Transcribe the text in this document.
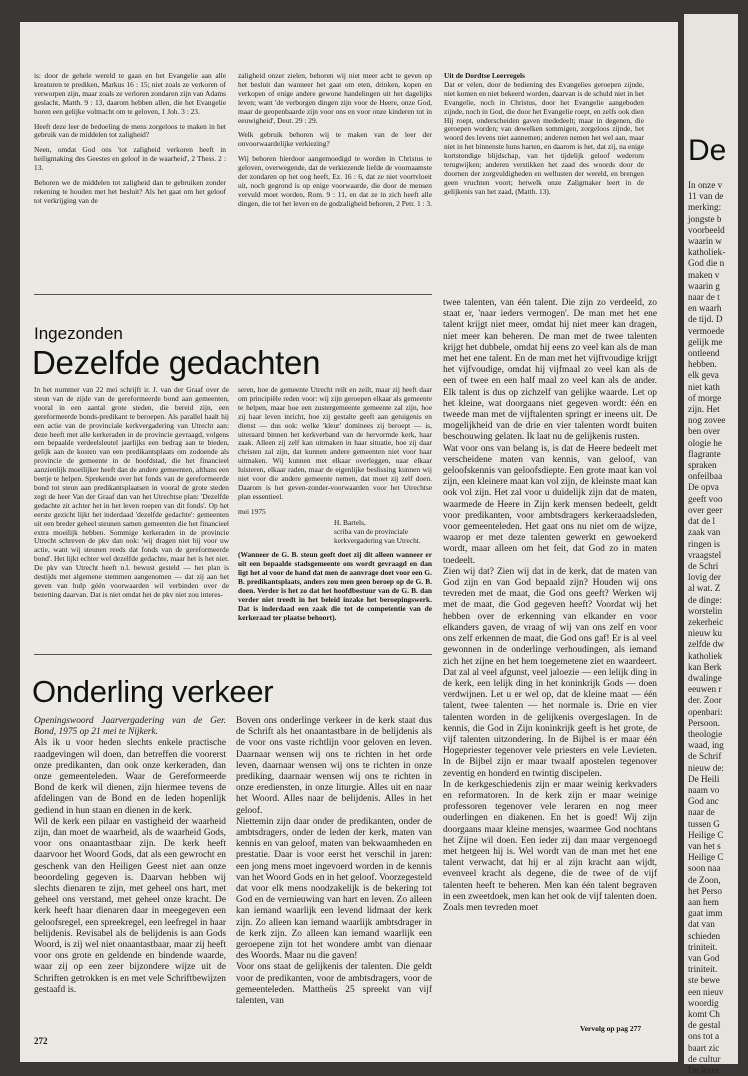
is: door de gehele wereld te gaan en het Evangelie aan alle kreaturen te prediken, Markus 16 : 15; niet zoals ze verkoren of verworpen zijn, maar zoals ze verloren zondaren zijn van Adams geslacht, Matth. 9 : 13, daarom hebben allen, die het Evangelie horen een gelijke volmacht om te geloven, 1 Joh. 3 : 23.

Heeft deze leer de bedoeling de mens zorgeloos te maken in het gebruik van de middelen tot zaligheid?

Neen, omdat God ons 'tot zaligheid verkoren heeft in heiligmaking des Geestes en geloof in de waarheid', 2 Thess. 2 : 13.

Behoren we de middelen tot zaligheid dan te gebruiken zonder rekening te houden met het besluit? Als het gaat om het geloof tot verkrijging van de

zaligheid onzer zielen, behoren wij niet meer acht te geven op het besluit dan wanneer het gaat om eten, drinken, kopen en verkopen of enige andere gewone handelingen uit het dagelijks leven; want 'de verborgen dingen zijn voor de Heere, onze God, maar de geopenbaarde zijn voor ons en voor onze kinderen tot in eeuwigheid', Deut. 29 : 29.

Welk gebruik behoren wij te maken van de leer der onvoorwaardelijke verkiezing?

Wij behoren hierdoor aangemoedigd te worden in Christus te geloven, overwegende, dat de verkiezende liefde de voornaamste der zondaren op het oog heeft, Ez. 16 : 6, dat ze niet voortvloeit uit, noch gegrond is op enige voorwaarde, die door de mensen vervuld moet worden, Rom. 9 : 11, en dat ze in zich heeft alle dingen, die tot het leven en de godzaligheid behoren, 2 Petr. 1 : 3.

Uit de Dordtse Leerregels
Dat er velen, door de bediening des Evangelies geroepen zijnde, niet komen en niet bekeerd worden, daarvan is de schuld niet in het Evangelie, noch in Christus, door het Evangelie aangeboden zijnde, noch in God, die door het Evangelie roept, en zelfs ook dien Hij roept, onderscheiden gaven mededeelt; maar in degenen, die geroepen worden; van dewelken sommigen, zorgeloos zijnde, het woord des levens niet aannemen; anderen nemen het wel aan, maar niet in het binnenste huns harten, en daarom is het, dat zij, na enige kortstondige blijdschap, van het tijdelijk geloof wederom terugwijken; anderen verstikken het zaad des woords door de doornen der zorgvuldigheden en wellusten der wereld, en brengen geen vruchten voort; hetwelk onze Zaligmaker leert in de gelijkenis van het zaad, (Matth. 13).

Ingezonden
Dezelfde gedachten

In het nummer van 22 mei schrijft ir. J. van der Graaf over de steun van de zijde van de gereformeerde bond aan gemeenten, vooral in een aantal grote steden, die bereid zijn, een gereformeerde bonds-predikant te beroepen. Als parallel haalt hij een actie van de provinciale kerkvergadering van Utrecht aan: deze heeft met alle kerkeraden in de provincie gevraagd, volgens een bepaalde verdeelsleutel jaarlijks een bedrag aan te bieden, gelijk aan de kosten van een predikantsplaats om zodoende als provincie de gemeente in de hoofdstad, die het financieel aanzienlijk moeilijker heeft dan de andere gemeenten, althans een beetje te helpen. Sprekende over het fonds van de gereformeerde bond tot steun aan predikantsplaatsen in vooral de grote steden zegt de heer Van der Graaf dan van het Utrechtse plan: 'Dezelfde gedachte zit achter het in het leven roepen van dit fonds'. Op het eerste gezicht lijkt het inderdaad 'dezelfde gedachte': gemeenten uit een breder geheel steunen samen gemeenten die het financieel extra moeilijk hebben. Sommige kerkeraden in de provincie Utrecht schreven de pkv dan ook: 'wij dragen niet bij voor uw actie, want wij steunen reeds dat fonds van de gereformeerde bond'. Het lijkt echter wel dezelfde gedachte, maar het is het niet. De pkv van Utrecht heeft n.l. bewust gesteld — het plan is destijds met algemene stemmen aangenomen — dat zij aan het geven van hulp géén voorwaarden wil verbinden over de bezetting daarvan. Dat is niet omdat het de pkv niet zou interes-

seren, hoe de gemeente Utrecht reilt en zeilt, maar zij heeft daar om principiële reden voor: wij zijn geroepen elkaar als gemeente te helpen, maar hoe een zustergemeente gemeente zal zijn, hoe zij haar leven inricht, hoe zij gestalte geeft aan getuigenis en dienst — dus ook: welke 'kleur' dominees zij beroept — is, uiteraard binnen het kerkverband van de hervormde kerk, haar zaak. Alleen zij zelf kan uitmaken in haar situatie, hoe zij daar christen zal zijn, dat kunnen andere gemeenten niet voor haar uitmaken. Wij kunnen met elkaar overleggen, naar elkaar luisteren, elkaar raden, maar de eigenlijke beslissing kunnen wij niet voor die andere gemeente nemen, dat moet zij zelf doen. Daarom is het geven-zonder-voorwaarden voor het Utrechtse plan essentieel.

mei 1975
H. Bartels,
scriba van de provinciale
kerkvergadering van Utrecht.

(Wanneer de G. B. steun geeft doet zij dit alleen wanneer er uit een bepaalde stadsgemeente om wordt gevraagd en dan ligt het al voor de hand dat men de aanvrage doet voor een G. B. predikantsplaats, anders zou men geen beroep op de G. B. doen. Verder is het zo dat het hoofdbestuur van de G. B. dan verder niet treedt in het beleid inzake het beroepingswerk. Dat is inderdaad een zaak die tot de competentie van de kerkeraad ter plaatse behoort).

Onderling verkeer

Openingswoord Jaarvergadering van de Ger. Bond, 1975 op 21 mei te Nijkerk.

Als ik u voor heden slechts enkele practische raadgevingen wil doen, dan betreffen die voorerst onze predikanten, dan ook onze kerkeraden, dan onze gemeenteleden. Waar de Gereformeerde Bond de kerk wil dienen, zijn hiermee tevens de afdelingen van de Bond en de leden hopenlijk gediend in hun staan en dienen in de kerk.

Wil de kerk een pilaar en vastigheid der waarheid zijn, dan moet de waarheid, als de waarheid Gods, voor ons onaantastbaar zijn. De kerk heeft daarvoor het Woord Gods, dat als een gewrocht en geschenk van den Heiligen Geest niet aan onze beoordeling gegeven is. Daarvan hebben wij slechts dienaren te zijn, met geheel ons hart, met geheel ons verstand, met geheel onze kracht. De kerk heeft haar dienaren daar in meegegeven een geloofsregel, een spreekregel, een leefregel in haar belijdenis. Revisabel als de belijdenis is aan Gods Woord, is zij wel niet onaantastbaar, maar zij heeft voor ons grote en geldende en bindende waarde, waar zij op een zeer bijzondere wijze uit de Schriften getrokken is en met vele Schriftbewijzen gestaafd is.

Boven ons onderlinge verkeer in de kerk staat dus de Schrift als het onaantastbare in de belijdenis als de voor ons vaste richtlijn voor geloven en leven. Daarnaar wensen wij ons te richten in het orde leven, daarnaar wensen wij ons te richten in onze prediking, daarnaar wensen wij ons te richten in onze erediensten, in onze liturgie. Alles uit en naar het Woord. Alles naar de belijdenis. Alles in het geloof.

Niettemin zijn daar onder de predikanten, onder de ambtsdragers, onder de leden der kerk, maten van kennis en van geloof, maten van bekwaamheden en prestatie. Daar is voor eerst het verschil in jaren: een jong mens moet ingevoerd worden in de kennis van het Woord Gods en in het geloof. Voorzegesteld dat voor elk mens noodzakelijk is de bekering tot God en de vernieuwing van hart en leven. Zo alleen kan iemand waarlijk een levend lidmaat der kerk zijn. Zo alleen kan iemand waarlijk ambtsdrager in de kerk zijn. Zo alleen kan iemand waarlijk een geroepene zijn tot het wondere ambt van dienaar des Woords. Maar nu die gaven!

Voor ons staat de gelijkenis der talenten. Die geldt voor de predikanten, voor de ambtsdragers, voor de gemeenteleden. Mattheüs 25 spreekt van vijf talenten, van

twee talenten, van één talent. Die zijn zo verdeeld, zo staat er, 'naar ieders vermogen'. De man met het ene talent krijgt niet meer, omdat hij niet meer kan dragen, niet meer kan beheren. De man met de twee talenten krijgt het dubbele, omdat hij eens zo veel kan als de man met het ene talent. En de man met het vijftvoudige krijgt het vijfvoudige, omdat hij vijfmaal zo veel kan als de een of twee en een half maal zo veel kan als de ander. Elk talent is dus op zichzelf van gelijke waarde. Let op het kleine, wat doorgaans niet gegeven wordt: één en tweede man met de vijftalenten springt er ineens uit. De mogelijkheid van de drie en vier talenten wordt buiten beschouwing gelaten. Ik laat nu de gelijkenis rusten.

Wat voor ons van belang is, is dat de Heere bedeelt met verscheidene maten van kennis, van geloof, van geloofskennis van geloofsdiepte. Een grote maat kan vol zijn, een kleinere maat kan vol zijn, de kleinste maat kan ook vol zijn. Het zal voor u duidelijk zijn dat de maten, waarmede de Heere in Zijn kerk mensen bedeelt, geldt voor predikanten, voor ambtsdragers kerkeraadsleden, voor gemeenteleden. Het gaat ons nu niet om de wijze, waarop er met deze talenten gewerkt en gewoekerd wordt, maar alleen om het feit, dat God zo in maten toedeelt.

Zien wij dat? Zien wij dat in de kerk, dat de maten van God zijn en van God bepaald zijn? Houden wij ons tevreden met de maat, die God ons geeft? Werken wij met de maat, die God gegeven heeft? Voordat wij het hebben over de erkenning van elkander en voor elkanders gaven, de vraag of wij van ons zelf en voor ons zelf erkennen de maat, die God ons gaf! Er is al veel gewonnen in de onderlinge verhoudingen, als iemand zich het zijne en het hem toegemetene ziet en waardeert. Dat zal al veel afgunst, veel jaloezie — een lelijk ding in de kerk, een lelijk ding in het koninkrijk Gods — doen verdwijnen. Let u er wel op, dat de kleine maat — één talent, twee talenten — het normale is. Drie en vier talenten worden in de gelijkenis overgeslagen. In de kennis, die God in Zijn koninkrijk geeft is het grote, de vijf talenten uitzondering. In de Bijbel is er maar één Hogepriester tegenover vele priesters en vele Levieten. In de Bijbel zijn er maar twaalf apostelen tegenover zeventig en honderd en twintig discipelen.

In de kerkgeschiedenis zijn er maar weinig kerkvaders en reformatoren. In de kerk zijn er maar weinige professoren tegenover vele leraren en nog meer ouderlingen en diakenen. En het is goed! Wij zijn doorgaans maar kleine mensjes, waarmee God nochtans het Zijne wil doen. Een ieder zij dan maar vergenoegd met hetgeen hij is. Wel wordt van de man met het ene talent verwacht, dat hij er al zijn kracht aan wijdt, evenveel kracht als degene, die de twee of de vijf talenten heeft te beheren. Men kan één talent begraven in een zweetdoek, men kan het ook de vijf talenten doen. Zoals men tevreden moet

Vervolg op pag 277
272
De
In onze v
11 van de
merking:
jongste b
voorbeeld
waarin w
katholiek-
God die n
maken v
waarin g
naar de t
en waarh
de tijd. D
vermoede
gelijk me
ontleend
hebben.
elk geva
niet kath
of morge
zijn. Het
nog zovee
ben over
ologie he
flagrante
spraken
onfeilbaa
De opva
geeft voo
over geer
dat de l
zaak van
ringen is
vraagstel
de Schri
lovig der
al wat. Z
de dinge:
worstelin
zekerheic
nieuw ku
zelfde dw
katholiek
kan Berk
dwalinge
eeuwen r
der. Zoor
openbari:
Persoon.
theologie
waad, ing
de Schrif
nieuw de:
De Heili
naam vo
God anc
naar de
tussen G
Heilige C
van het s
Heilige C
soon naa
de Zoon,
het Perso
aan hem
gaat imm
dat van
schieden
triniteit.
van God
triniteit.
ste bewe
een nieuv
woordig
komt Ch
de gestal
ons tot a
baart zic
de cultur
De lezer
